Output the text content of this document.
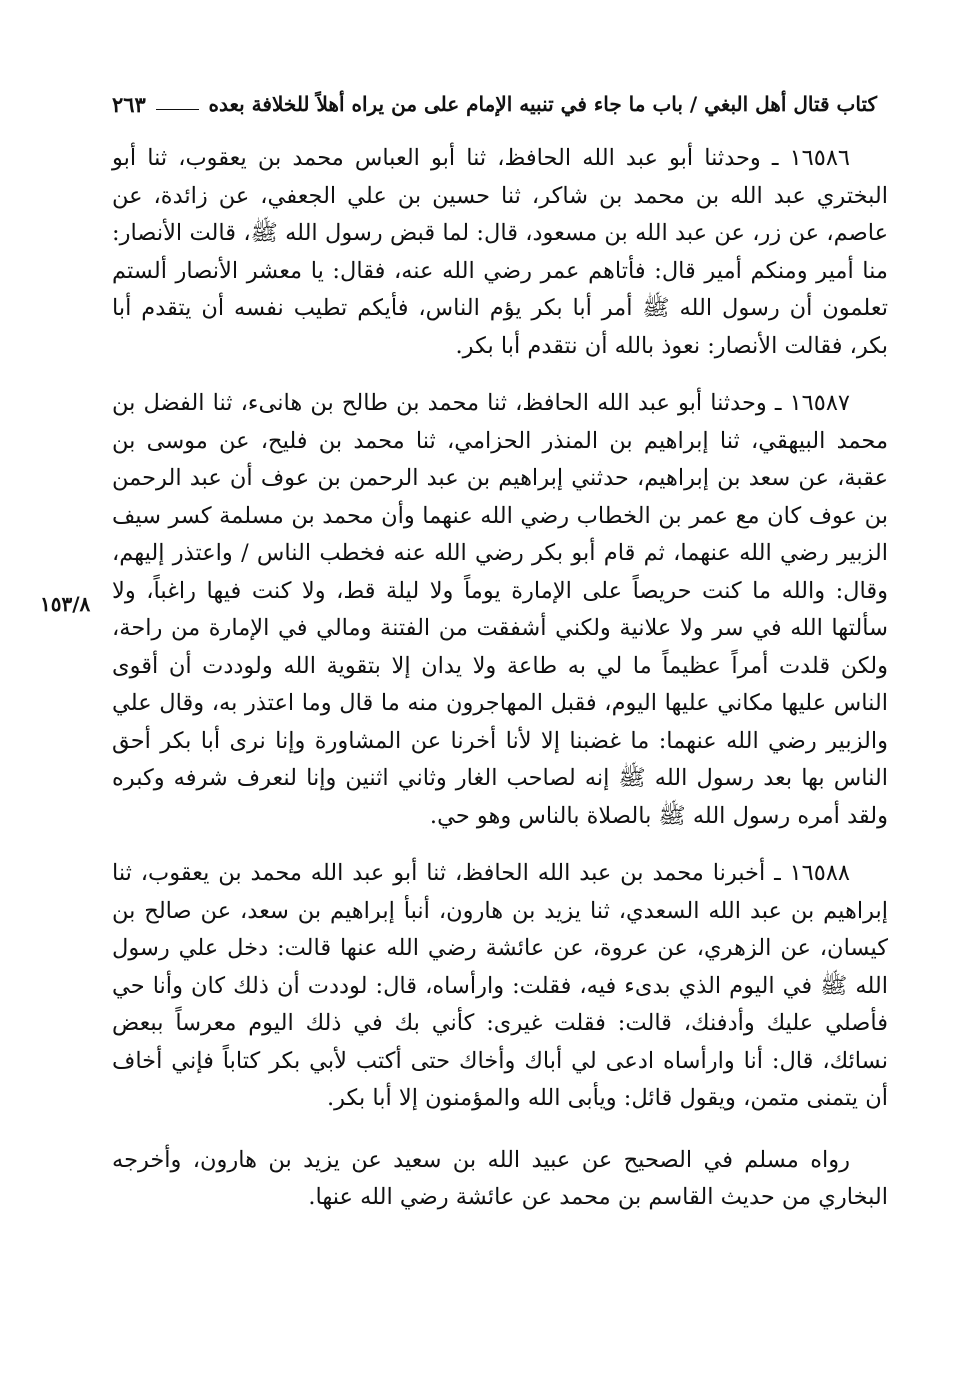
كتاب قتال أهل البغي / باب ما جاء في تنبيه الإمام على من يراه أهلاً للخلافة بعده
٢٦٣
١٥٣/٨

١٦٥٨٦ ـ وحدثنا أبو عبد الله الحافظ، ثنا أبو العباس محمد بن يعقوب، ثنا أبو البختري عبد الله بن محمد بن شاكر، ثنا حسين بن علي الجعفي، عن زائدة، عن عاصم، عن زر، عن عبد الله بن مسعود، قال: لما قبض رسول الله ﷺ، قالت الأنصار: منا أمير ومنكم أمير قال: فأتاهم عمر رضي الله عنه، فقال: يا معشر الأنصار ألستم تعلمون أن رسول الله ﷺ أمر أبا بكر يؤم الناس، فأيكم تطيب نفسه أن يتقدم أبا بكر، فقالت الأنصار: نعوذ بالله أن نتقدم أبا بكر.

١٦٥٨٧ ـ وحدثنا أبو عبد الله الحافظ، ثنا محمد بن طالح بن هانىء، ثنا الفضل بن محمد البيهقي، ثنا إبراهيم بن المنذر الحزامي، ثنا محمد بن فليح، عن موسى بن عقبة، عن سعد بن إبراهيم، حدثني إبراهيم بن عبد الرحمن بن عوف أن عبد الرحمن بن عوف كان مع عمر بن الخطاب رضي الله عنهما وأن محمد بن مسلمة كسر سيف الزبير رضي الله عنهما، ثم قام أبو بكر رضي الله عنه فخطب الناس / واعتذر إليهم، وقال: والله ما كنت حريصاً على الإمارة يوماً ولا ليلة قط، ولا كنت فيها راغباً، ولا سألتها الله في سر ولا علانية ولكني أشفقت من الفتنة ومالي في الإمارة من راحة، ولكن قلدت أمراً عظيماً ما لي به طاعة ولا يدان إلا بتقوية الله ولوددت أن أقوى الناس عليها مكاني عليها اليوم، فقبل المهاجرون منه ما قال وما اعتذر به، وقال علي والزبير رضي الله عنهما: ما غضبنا إلا لأنا أخرنا عن المشاورة وإنا نرى أبا بكر أحق الناس بها بعد رسول الله ﷺ إنه لصاحب الغار وثاني اثنين وإنا لنعرف شرفه وكبره ولقد أمره رسول الله ﷺ بالصلاة بالناس وهو حي.

١٦٥٨٨ ـ أخبرنا محمد بن عبد الله الحافظ، ثنا أبو عبد الله محمد بن يعقوب، ثنا إبراهيم بن عبد الله السعدي، ثنا يزيد بن هارون، أنبأ إبراهيم بن سعد، عن صالح بن كيسان، عن الزهري، عن عروة، عن عائشة رضي الله عنها قالت: دخل علي رسول الله ﷺ في اليوم الذي بدىء فيه، فقلت: وارأساه، قال: لوددت أن ذلك كان وأنا حي فأصلي عليك وأدفنك، قالت: فقلت غيرى: كأني بك في ذلك اليوم معرساً ببعض نسائك، قال: أنا وارأساه ادعى لي أباك وأخاك حتى أكتب لأبي بكر كتاباً فإني أخاف أن يتمنى متمن، ويقول قائل: ويأبى الله والمؤمنون إلا أبا بكر.

رواه مسلم في الصحيح عن عبيد الله بن سعيد عن يزيد بن هارون، وأخرجه البخاري من حديث القاسم بن محمد عن عائشة رضي الله عنها.
